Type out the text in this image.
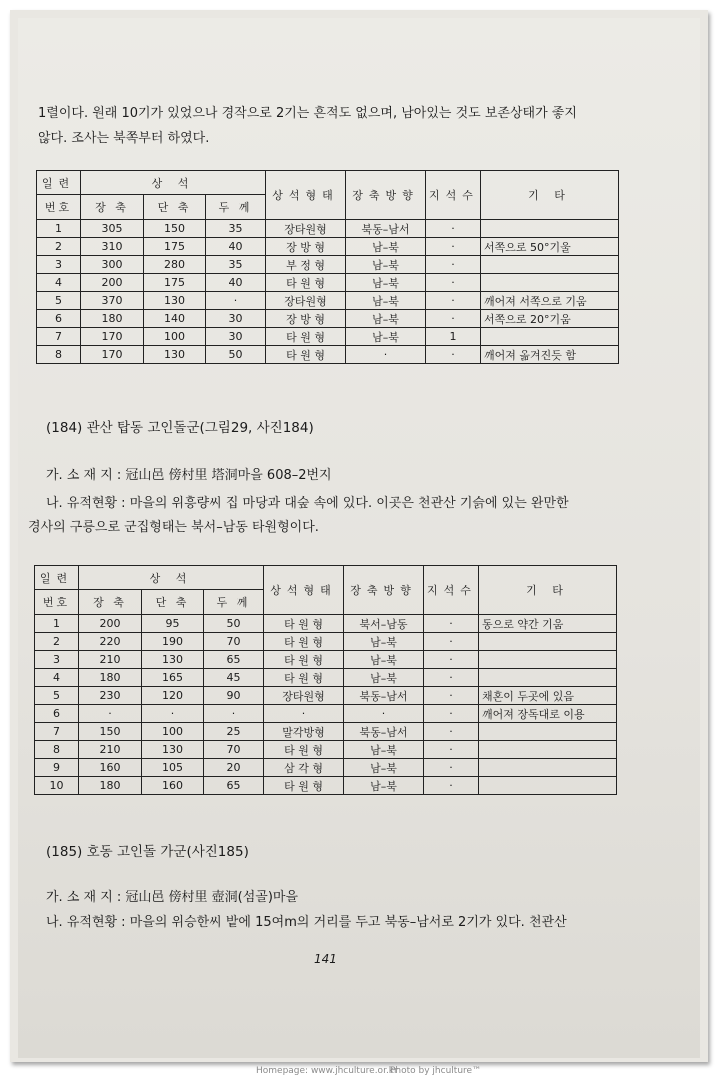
1렬이다. 원래 10기가 있었으나 경작으로 2기는 흔적도 없으며, 남아있는 것도 보존상태가 좋지
않다. 조사는 북쪽부터 하였다.
일련	상 석			상석형태	장축방향	지석수	기 타
번호	장 축	단 축	두 께				
1	305	150	35	장타원형	북동–남서	·	
2	310	175	40	장 방 형	남–북	·	서쪽으로 50°기울
3	300	280	35	부 정 형	남–북	·	
4	200	175	40	타 원 형	남–북	·	
5	370	130	·	장타원형	남–북	·	깨어져 서쪽으로 기움
6	180	140	30	장 방 형	남–북	·	서쪽으로 20°기움
7	170	100	30	타 원 형	남–북	1	
8	170	130	50	타 원 형	·	·	깨어져 옮겨진듯 함
(184) 관산 탑동 고인돌군(그림29, 사진184)
가. 소 재 지 : 冠山邑 傍村里 塔洞마을 608–2번지
나. 유적현황 : 마을의 위흥량씨 집 마당과 대숲 속에 있다. 이곳은 천관산 기슭에 있는 완만한
경사의 구릉으로 군집형태는 북서–남동 타원형이다.
일련	상 석			상석형태	장축방향	지석수	기 타
번호	장 축	단 축	두 께				
1	200	95	50	타 원 형	북서–남동	·	동으로 약간 기움
2	220	190	70	타 원 형	남–북	·	
3	210	130	65	타 원 형	남–북	·	
4	180	165	45	타 원 형	남–북	·	
5	230	120	90	장타원형	북동–남서	·	채혼이 두곳에 있음
6	·	·	·	·	·	·	깨어져 장독대로 이용
7	150	100	25	말각방형	북동–남서	·	
8	210	130	70	타 원 형	남–북	·	
9	160	105	20	삼 각 형	남–북	·	
10	180	160	65	타 원 형	남–북	·	
(185) 호동 고인돌 가군(사진185)
가. 소 재 지 : 冠山邑 傍村里 壺洞(섬골)마을
나. 유적현황 : 마을의 위승한씨 밭에 15여m의 거리를 두고 북동–남서로 2기가 있다. 천관산
141
Homepage: www.jhculture.or.kr
Photo by jhculture™
